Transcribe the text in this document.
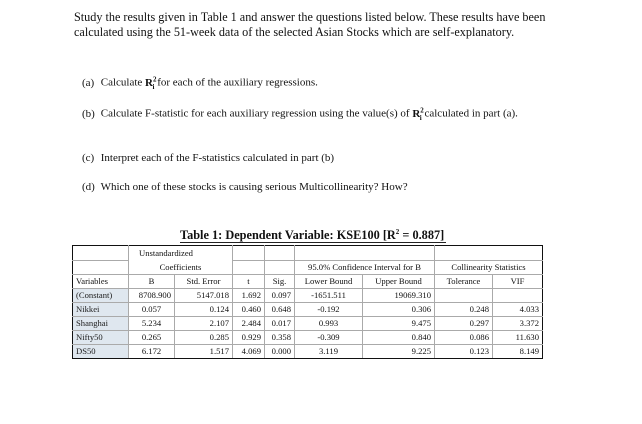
Study the results given in Table 1 and answer the questions listed below. These results have been calculated using the 51-week data of the selected Asian Stocks which are self-explanatory.

(a) Calculate $R^2_i$ for each of the auxiliary regressions.

(b) Calculate F-statistic for each auxiliary regression using the value(s) of $R^2_i$ calculated in part (a).

(c) Interpret each of the F-statistics calculated in part (b)

(d) Which one of these stocks is causing serious Multicollinearity? How?

Table 1: Dependent Variable: KSE100 $[R^2 = 0.887]$

	Unstandardized							
	Coefficients				95.0% Confidence Interval for B		Collinearity Statistics	
Variables	B	Std. Error	t	Sig.	Lower Bound	Upper Bound	Tolerance	VIF
(Constant)	8708.900	5147.018	1.692	0.097	-1651.511	19069.310		
Nikkei	0.057	0.124	0.460	0.648	-0.192	0.306	0.248	4.033
Shanghai	5.234	2.107	2.484	0.017	0.993	9.475	0.297	3.372
Nifty50	0.265	0.285	0.929	0.358	-0.309	0.840	0.086	11.630
DS50	6.172	1.517	4.069	0.000	3.119	9.225	0.123	8.149
